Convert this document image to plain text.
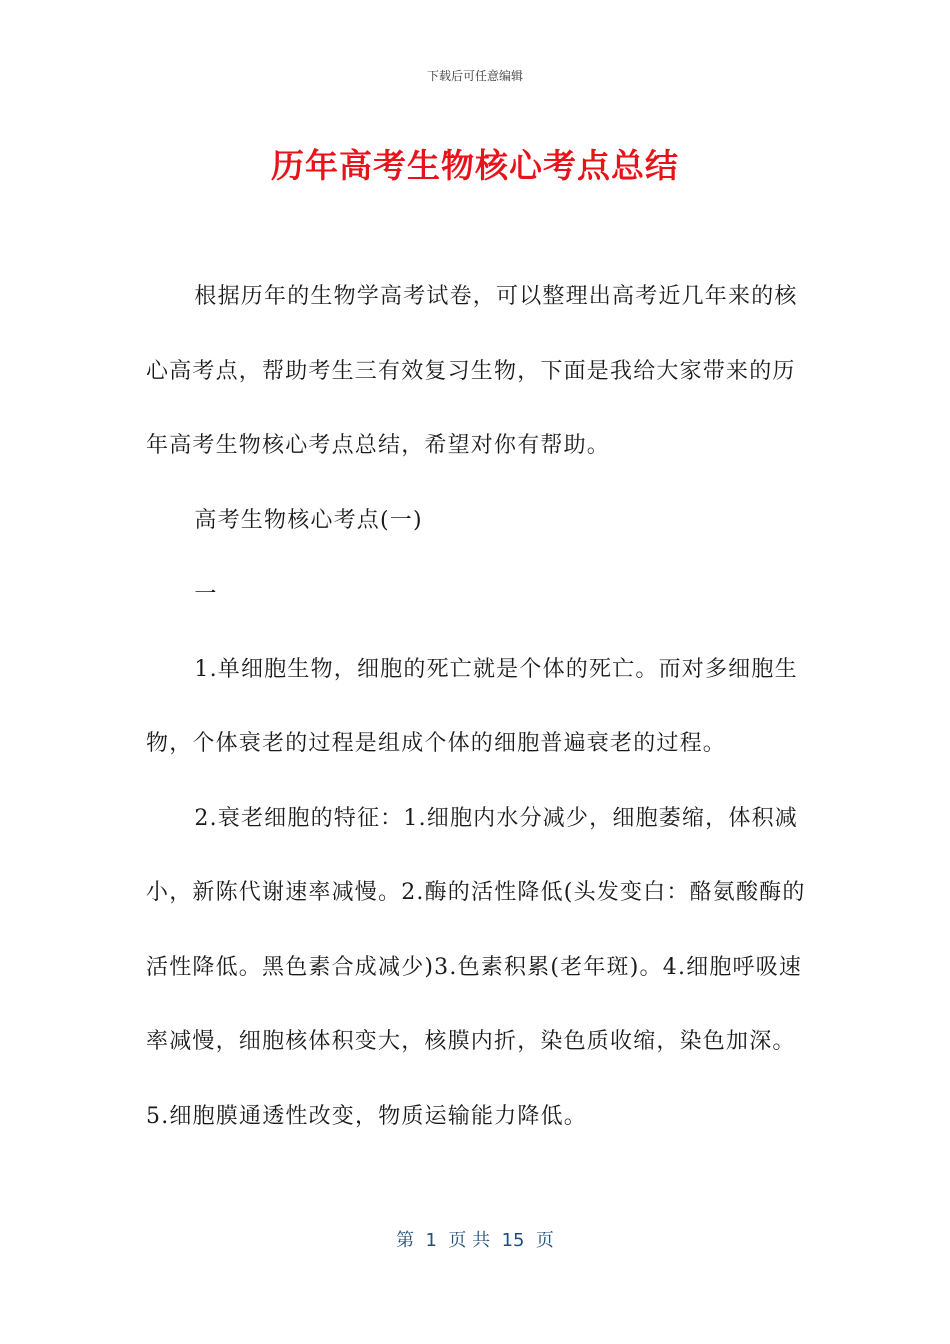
下载后可任意编辑
历年高考生物核心考点总结

根据历年的生物学高考试卷，可以整理出高考近几年来的核心高考点，帮助考生三有效复习生物，下面是我给大家带来的历年高考生物核心考点总结，希望对你有帮助。

高考生物核心考点(一)

一

1.单细胞生物，细胞的死亡就是个体的死亡。而对多细胞生物，个体衰老的过程是组成个体的细胞普遍衰老的过程。

2.衰老细胞的特征：1.细胞内水分减少，细胞萎缩，体积减小，新陈代谢速率减慢。2.酶的活性降低(头发变白：酪氨酸酶的活性降低。黑色素合成减少)3.色素积累(老年斑)。4.细胞呼吸速率减慢，细胞核体积变大，核膜内折，染色质收缩，染色加深。5.细胞膜通透性改变，物质运输能力降低。

第  1  页 共  15  页
